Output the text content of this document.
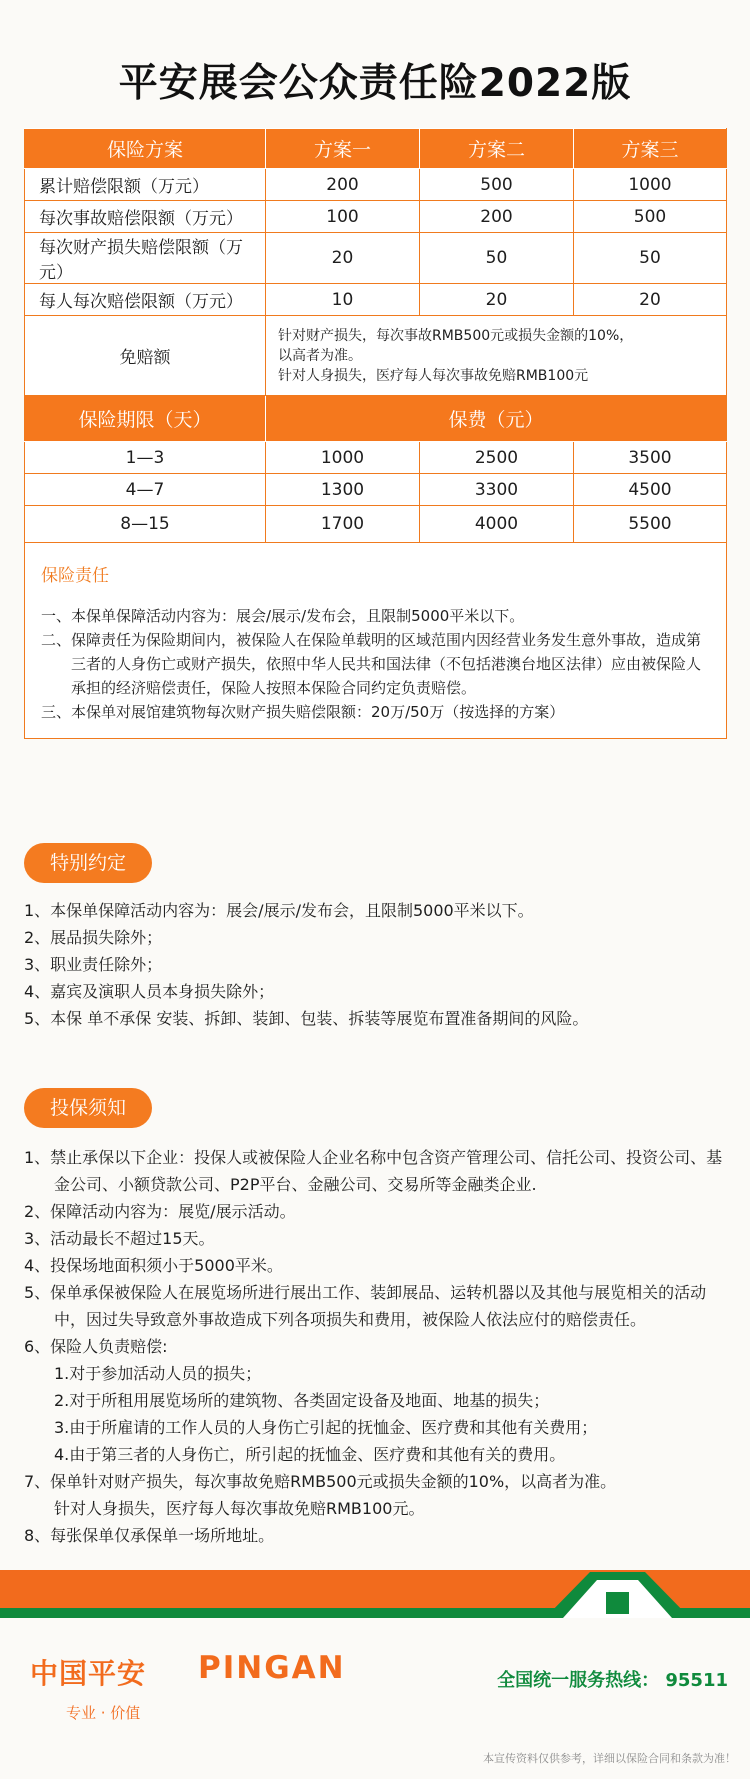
平安展会公众责任险2022版
保险方案	方案一	方案二	方案三
累计赔偿限额（万元）	200	500	1000
每次事故赔偿限额（万元）	100	200	500
每次财产损失赔偿限额（万元）	20	50	50
每人每次赔偿限额（万元）	10	20	20
免赔额	针对财产损失，每次事故RMB500元或损失金额的10%，
以高者为准。
针对人身损失，医疗每人每次事故免赔RMB100元		

保险期限（天）	保费（元）		
1—3	1000	2500	3500
4—7	1300	3300	4500
8—15	1700	4000	5500

保险责任
一、本保单保障活动内容为：展会/展示/发布会，且限制5000平米以下。
二、保障责任为保险期间内，被保险人在保险单载明的区域范围内因经营业务发生意外事故，造成第三者的人身伤亡或财产损失，依照中华人民共和国法律（不包括港澳台地区法律）应由被保险人承担的经济赔偿责任，保险人按照本保险合同约定负责赔偿。
三、本保单对展馆建筑物每次财产损失赔偿限额：20万/50万（按选择的方案）			
特别约定
1、本保单保障活动内容为：展会/展示/发布会，且限制5000平米以下。
2、展品损失除外；
3、职业责任除外；
4、嘉宾及演职人员本身损失除外；
5、本保 单不承保 安装、拆卸、装卸、包装、拆装等展览布置准备期间的风险。
投保须知
1、禁止承保以下企业：投保人或被保险人企业名称中包含资产管理公司、信托公司、投资公司、基金公司、小额贷款公司、P2P平台、金融公司、交易所等金融类企业.
2、保障活动内容为：展览/展示活动。
3、活动最长不超过15天。
4、投保场地面积须小于5000平米。
5、保单承保被保险人在展览场所进行展出工作、装卸展品、运转机器以及其他与展览相关的活动中，因过失导致意外事故造成下列各项损失和费用，被保险人依法应付的赔偿责任。
6、保险人负责赔偿:
1.对于参加活动人员的损失；
2.对于所租用展览场所的建筑物、各类固定设备及地面、地基的损失；
3.由于所雇请的工作人员的人身伤亡引起的抚恤金、医疗费和其他有关费用；
4.由于第三者的人身伤亡，所引起的抚恤金、医疗费和其他有关的费用。
7、保单针对财产损失，每次事故免赔RMB500元或损失金额的10%，以高者为准。
针对人身损失，医疗每人每次事故免赔RMB100元。
8、每张保单仅承保单一场所地址。
中国平安 PINGAN
专业 · 价值
全国统一服务热线： 95511
本宣传资料仅供参考，详细以保险合同和条款为准！
